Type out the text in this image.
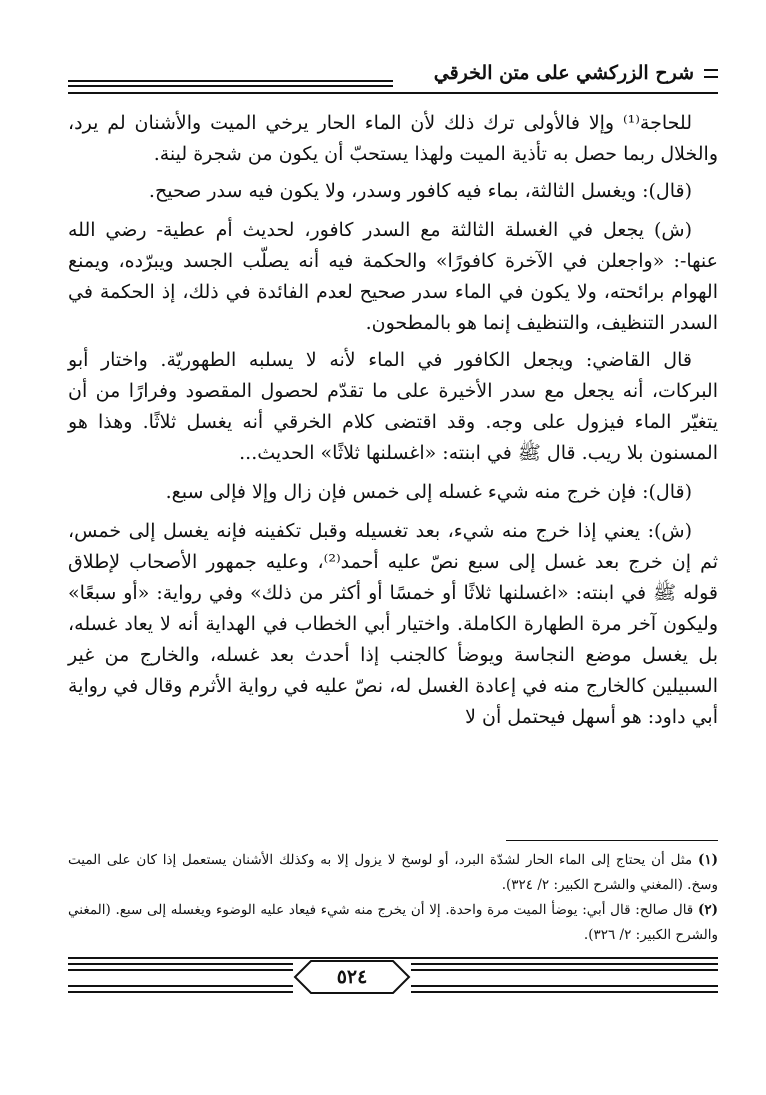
شرح الزركشي على متن الخرقي

للحاجة⁽¹⁾ وإلا فالأولى ترك ذلك لأن الماء الحار يرخي الميت والأشنان لم يرد، والخلال ربما حصل به تأذية الميت ولهذا يستحبّ أن يكون من شجرة لينة.

(قال): ويغسل الثالثة، بماء فيه كافور وسدر، ولا يكون فيه سدر صحيح.

(ش) يجعل في الغسلة الثالثة مع السدر كافور، لحديث أم عطية- رضي الله عنها-: «واجعلن في الآخرة كافورًا» والحكمة فيه أنه يصلّب الجسد ويبرّده، ويمنع الهوام برائحته، ولا يكون في الماء سدر صحيح لعدم الفائدة في ذلك، إذ الحكمة في السدر التنظيف، والتنظيف إنما هو بالمطحون.

قال القاضي: ويجعل الكافور في الماء لأنه لا يسلبه الطهوريّة. واختار أبو البركات، أنه يجعل مع سدر الأخيرة على ما تقدّم لحصول المقصود وفرارًا من أن يتغيّر الماء فيزول على وجه. وقد اقتضى كلام الخرقي أنه يغسل ثلاثًا. وهذا هو المسنون بلا ريب. قال ﷺ في ابنته: «اغسلنها ثلاثًا» الحديث...

(قال): فإن خرج منه شيء غسله إلى خمس فإن زال وإلا فإلى سبع.

(ش): يعني إذا خرج منه شيء، بعد تغسيله وقبل تكفينه فإنه يغسل إلى خمس، ثم إن خرج بعد غسل إلى سبع نصّ عليه أحمد⁽²⁾، وعليه جمهور الأصحاب لإطلاق قوله ﷺ في ابنته: «اغسلنها ثلاثًا أو خمسًا أو أكثر من ذلك» وفي رواية: «أو سبعًا» وليكون آخر مرة الطهارة الكاملة. واختيار أبي الخطاب في الهداية أنه لا يعاد غسله، بل يغسل موضع النجاسة ويوضأ كالجنب إذا أحدث بعد غسله، والخارج من غير السبيلين كالخارج منه في إعادة الغسل له، نصّ عليه في رواية الأثرم وقال في رواية أبي داود: هو أسهل فيحتمل أن لا

(١) مثل أن يحتاج إلى الماء الحار لشدّة البرد، أو لوسخ لا يزول إلا به وكذلك الأشنان يستعمل إذا كان على الميت وسخ. (المغني والشرح الكبير: ٢/ ٣٢٤).

(٢) قال صالح: قال أبي: يوضأ الميت مرة واحدة. إلا أن يخرج منه شيء فيعاد عليه الوضوء ويغسله إلى سبع. (المغني والشرح الكبير: ٢/ ٣٢٦).

٥٢٤
